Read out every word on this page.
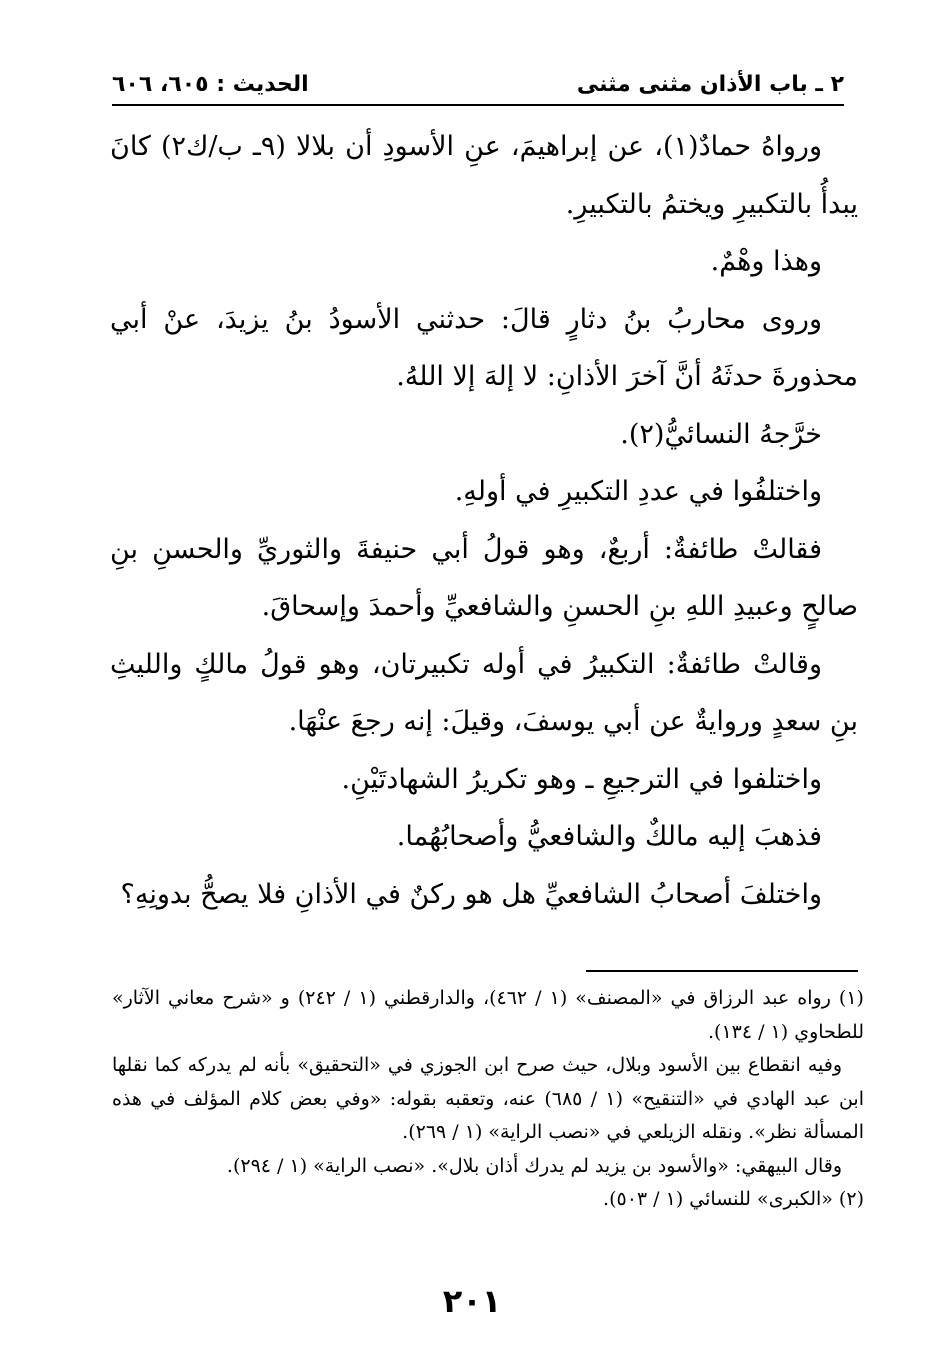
٢ ـ باب الأذان مثنى مثنى
الحديث : ٦٠٥، ٦٠٦

ورواهُ حمادٌ(١)، عن إبراهيمَ، عنِ الأسودِ أن بلالا (٩ـ ب/ك٢) كانَ يبدأُ بالتكبيرِ ويختمُ بالتكبيرِ.

وهذا وهْمٌ.

وروى محاربُ بنُ دثارٍ قالَ: حدثني الأسودُ بنُ يزيدَ، عنْ أبي محذورةَ حدثَهُ أنَّ آخرَ الأذانِ: لا إلهَ إلا اللهُ.

خرَّجهُ النسائيُّ(٢).

واختلفُوا في عددِ التكبيرِ في أولهِ.

فقالتْ طائفةٌ: أربعٌ، وهو قولُ أبي حنيفةَ والثوريِّ والحسنِ بنِ صالحٍ وعبيدِ اللهِ بنِ الحسنِ والشافعيِّ وأحمدَ وإسحاقَ.

وقالتْ طائفةٌ: التكبيرُ في أوله تكبيرتان، وهو قولُ مالكٍ والليثِ بنِ سعدٍ وروايةٌ عن أبي يوسفَ، وقيلَ: إنه رجعَ عنْهَا.

واختلفوا في الترجيعِ ـ وهو تكريرُ الشهادتَيْنِ.

فذهبَ إليه مالكٌ والشافعيُّ وأصحابُهُما.

واختلفَ أصحابُ الشافعيِّ هل هو ركنٌ في الأذانِ فلا يصحُّ بدونِهِ؟

(١) رواه عبد الرزاق في «المصنف» (١ / ٤٦٢)، والدارقطني (١ / ٢٤٢) و «شرح معاني الآثار» للطحاوي (١ / ١٣٤).

وفيه انقطاع بين الأسود وبلال، حيث صرح ابن الجوزي في «التحقيق» بأنه لم يدركه كما نقلها ابن عبد الهادي في «التنقيح» (١ / ٦٨٥) عنه، وتعقبه بقوله: «وفي بعض كلام المؤلف في هذه المسألة نظر». ونقله الزيلعي في «نصب الراية» (١ / ٢٦٩).

وقال البيهقي: «والأسود بن يزيد لم يدرك أذان بلال». «نصب الراية» (١ / ٢٩٤).

(٢) «الكبرى» للنسائي (١ / ٥٠٣).

٢٠١
